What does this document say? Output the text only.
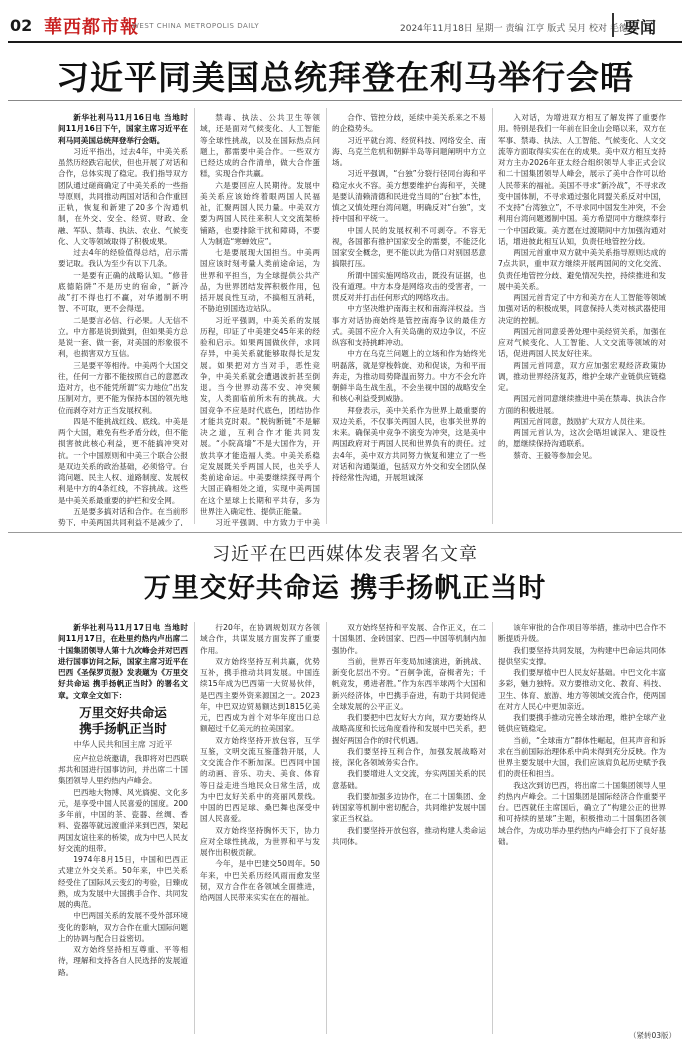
02 華西都市報
WEST CHINA METROPOLIS DAILY	2024年11月18日 星期一 责编 江亨 版式 吴月 校对 毛德琼
要闻
习近平同美国总统拜登在利马举行会晤
新华社利马11月16日电 当地时间11月16日下午，国家主席习近平在利马同美国总统拜登举行会晤。
习近平指出，过去4年，中美关系虽然历经跌宕起伏，但也开展了对话和合作，总体实现了稳定。我们指导双方团队通过磋商确定了中美关系的一些指导原则，共同推动两国对话和合作重回正轨，恢复和新建了20多个沟通机制，在外交、安全、经贸、财政、金融、军队、禁毒、执法、农业、气候变化、人文等领域取得了积极成果。
过去4年的经验值得总结，启示需要记取。我认为至少有以下几条。
一是要有正确的战略认知。“修昔底德陷阱”不是历史的宿命，“新冷战”打不得也打不赢，对华遏制不明智、不可取，更不会得逞。
二是要言必信、行必果。人无信不立。中方都是说到做到，但如果美方总是说一套、做一套，对美国的形象很不利，也损害双方互信。
三是要平等相待。中美两个大国交往，任何一方都不能按照自己的意愿改造对方，也不能凭所谓“实力地位”出发压制对方，更不能为保持本国的领先地位而剥夺对方正当发展权利。
四是不能挑战红线、底线。中美是两个大国，难免有些矛盾分歧，但不能损害彼此核心利益，更不能搞冲突对抗。一个中国原则和中美三个联合公报是双边关系的政治基础，必须恪守。台湾问题、民主人权、道路制度、发展权利是中方的4条红线，不容挑战。这些是中美关系最重要的护栏和安全网。
五是要多搞对话和合作。在当前形势下，中美两国共同利益不是减少了，
禁毒、执法、公共卫生等领域，还是面对气候变化、人工智能等全球性挑战，以及在国际热点问题上，都需要中美合作。一些双方已经达成的合作清单，做大合作蛋糕，实现合作共赢。
六是要回应人民期待。发展中美关系应该始终着眼两国人民福祉，汇聚两国人民力量。中美双方要为两国人民往来积人文交流架桥铺路，也要排除干扰和障碍，不要人为制造“寒蝉效应”。
七是要展现大国担当。中美两国应该时刻考量人类前途命运，为世界和平担当，为全球提供公共产品，为世界团结发挥积极作用，包括开展良性互动，不搞相互消耗，不胁迫别国选边站队。
习近平强调，中美关系的发展历程，印证了中美建交45年来的经验和启示。如果两国做伙伴，求同存异，中美关系就能够取得长足发展。如果把对方当对手，恶性竞争，中美关系就会遭遇波折甚至倒退。当今世界动荡不安、冲突频发，人类面临前所未有的挑战。大国竞争不应是时代底色，团结协作才能共克时艰。“脱钩断链”不是解决之道，互利合作才能共同发展。“小院高墙”不是大国作为，开放共享才能造福人类。中美关系稳定发展既关乎两国人民，也关乎人类前途命运。中美要继续探寻两个大国正确相处之道，实现中美两国在这个星球上长期和平共存，多为世界注入确定性、提供正能量。
习近平强调，中方致力于中美
合作、管控分歧，延续中美关系来之不易的企稳势头。
习近平就台湾、经贸科技、网络安全、南海、乌克兰危机和朝鲜半岛等问题阐明中方立场。
习近平强调，“台独”分裂行径同台海和平稳定水火不容。美方想要维护台海和平，关键是要认清赖清德和民进党当局的“台独”本性，慎之又慎处理台湾问题，明确反对“台独”，支持中国和平统一。
中国人民的发展权利不可剥夺。不容无视，各国都有推护国家安全的需要，不能泛化国家安全概念，更不能以此为借口对别国恶意搞限打压。
所谓中国实施网络攻击，既没有证据，也没有道理。中方本身是网络攻击的受害者，一贯反对并打击任何形式的网络攻击。
中方坚决维护南海主权和南海洋权益。当事方对话协商始终是管控南海争议的最佳方式。美国不应介入有关岛礁的双边争议，不应纵容和支持挑衅冲动。
中方在乌克兰问题上的立场和作为始终光明磊落，就是穿梭斡旋、劝和促谈，为和平而奔走，为推动局势降温而努力。中方不会允许朝鲜半岛生战生乱，不会坐视中国的战略安全和核心利益受到威胁。
拜登表示，美中关系作为世界上最重要的双边关系，不仅事关两国人民，也事关世界的未来。确保美中竞争不演变为冲突，这是美中两国政府对于两国人民和世界负有的责任。过去4年，美中双方共同努力恢复和建立了一些对话和沟通渠道，包括双方外交和安全团队保持经常性沟通，开展坦诚深
入对话，为增进双方相互了解发挥了重要作用。特别是我们一年前在旧金山会晤以来，双方在军事、禁毒、执法、人工智能、气候变化、人文交流等方面取得实实在在的成果。美中双方相互支持对方主办2026年亚太经合组织领导人非正式会议和二十国集团领导人峰会，展示了美中合作可以给人民带来的福祉。美国不寻求“新冷战”，不寻求改变中国体制，不寻求通过强化同盟关系反对中国，不支持“台湾独立”，不寻求同中国发生冲突，不会利用台湾问题遏制中国。美方希望同中方继续奉行一个中国政策。美方愿在过渡期间中方加强沟通对话，增进彼此相互认知，负责任地管控分歧。
两国元首重申双方就中美关系指导原则达成的7点共识，重申双方继续开展两国间的文化交流、负责任地管控分歧、避免情况失控，持续推进和发展中美关系。
两国元首肯定了中方和美方在人工智能等领域加强对话的积极成果，同意保持人类对核武器使用决定的控制。
两国元首同意妥善处理中美经贸关系，加强在应对气候变化、人工智能、人文交流等领域的对话，促进两国人民友好往来。
两国元首同意，双方应加强宏观经济政策协调，推动世界经济复苏，维护全球产业链供应链稳定。
两国元首同意继续推进中美在禁毒、执法合作方面的积极进展。
两国元首同意，鼓励扩大双方人员往来。
两国元首认为，这次会晤坦诚深入、建设性的，愿继续保持沟通联系。
蔡奇、王毅等参加会见。
习近平在巴西媒体发表署名文章
万里交好共命运 携手扬帆正当时
新华社利马11月17日电 当地时间11月17日，在赴里约热内卢出席二十国集团领导人第十九次峰会并对巴西进行国事访问之际，国家主席习近平在巴西《圣保罗页报》发表题为《万里交好共命运 携手扬帆正当时》的署名文章。文章全文如下：
万里交好共命运
携手扬帆正当时
中华人民共和国主席 习近平
应卢拉总统邀请，我即将对巴西联邦共和国进行国事访问，并出席二十国集团领导人里约热内卢峰会。
巴西地大物博、风光旖旎、文化多元，是享受中国人民喜爱的国度。200多年前，中国的茶、瓷器、丝绸、香料、瓷器等就远渡重洋来到巴西，架起两国友谊往来的桥梁，成为中巴人民友好交流的纽带。
1974年8月15日，中国和巴西正式建立外交关系。50年来，中巴关系经受住了国际风云变幻的考验，日臻成熟，成为发展中大国携手合作、共同发展的典范。
中巴两国关系的发展不受外部环境变化的影响，双方合作在重大国际问题上的协调与配合日益密切。
双方始终坚持相互尊重、平等相待，理解和支持各自人民选择的发展道路。
行20年，在协调规划双方各领域合作，共谋发展方面发挥了重要作用。
双方始终坚持互利共赢，优势互补，携手推动共同发展。中国连续15年成为巴西第一大贸易伙伴，是巴西主要外资来源国之一。2023年，中巴双边贸易额达到1815亿美元，巴西成为首个对华年度出口总额超过千亿美元的拉美国家。
双方始终坚持开放包容，互学互鉴，文明交流互鉴蓬勃开展，人文交流合作不断加深。巴西同中国的动画、音乐、功夫、美食、体育等日益走进当地民众日常生活，成为中巴友好关系中的亮丽风景线。中国的巴西足球、桑巴舞也深受中国人民喜爱。
双方始终坚持胸怀天下，协力应对全球性挑战，为世界和平与发展作出积极贡献。
今年，是中巴建交50周年。50年来，中巴关系历经风雨而愈发坚韧，双方合作在各领域全面推进，给两国人民带来实实在在的福祉。
双方始终坚持和平发展、合作正义，在二十国集团、金砖国家、巴西—中国等机制内加强协作。
当前，世界百年变局加速演进，新挑战、新变化层出不穷。“百舸争流，奋楫者先；千帆竞发，勇进者胜。”作为东西半球两个大国和新兴经济体，中巴携手奋进，有助于共同促进全球发展的公平正义。
我们要把中巴友好大方向，双方要始终从战略高度和长远角度看待和发展中巴关系，把握好两国合作的时代机遇。
我们要坚持互利合作，加强发展战略对接，深化各领域务实合作。
我们要增进人文交流，夯实两国关系的民意基础。
我们要加强多边协作，在二十国集团、金砖国家等机制中密切配合，共同维护发展中国家正当权益。
我们要坚持开放包容，推动构建人类命运共同体。
该年审批的合作项目等举措，推动中巴合作不断提质升级。
我们要坚持共同发展，为构建中巴命运共同体提供坚实支撑。
我们要厚植中巴人民友好基础。中巴文化丰富多彩，魅力独特。双方要推动文化、教育、科技、卫生、体育、旅游、地方等领域交流合作，使两国在对方人民心中更加亲近。
我们要携手推动完善全球治理，维护全球产业链供应链稳定。
当前，“全球南方”群体性崛起，但其声音和诉求在当前国际治理体系中尚未得到充分反映。作为世界主要发展中大国，我们应该肩负起历史赋予我们的责任和担当。
我这次到访巴西，将出席二十国集团领导人里约热内卢峰会。二十国集团是国际经济合作重要平台。巴西就任主席国后，确立了“构建公正的世界和可持续的星球”主题，积极推动二十国集团各领域合作，为成功举办里约热内卢峰会打下了良好基础。
（紧转03版）
